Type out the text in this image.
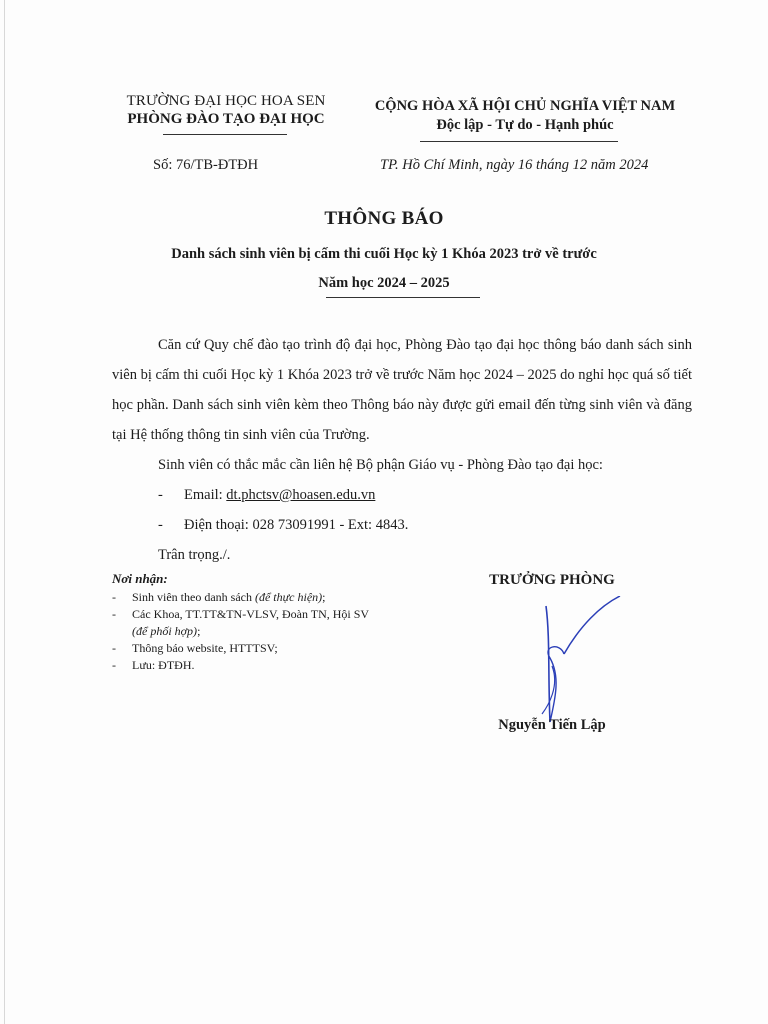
TRƯỜNG ĐẠI HỌC HOA SEN
PHÒNG ĐÀO TẠO ĐẠI HỌC
CỘNG HÒA XÃ HỘI CHỦ NGHĨA VIỆT NAM
Độc lập - Tự do - Hạnh phúc
Số: 76/TB-ĐTĐH	TP. Hồ Chí Minh, ngày 16 tháng 12 năm 2024
THÔNG BÁO
Danh sách sinh viên bị cấm thi cuối Học kỳ 1 Khóa 2023 trở về trước
Năm học 2024 – 2025

Căn cứ Quy chế đào tạo trình độ đại học, Phòng Đào tạo đại học thông báo danh sách sinh viên bị cấm thi cuối Học kỳ 1 Khóa 2023 trở về trước Năm học 2024 – 2025 do nghỉ học quá số tiết học phần. Danh sách sinh viên kèm theo Thông báo này được gửi email đến từng sinh viên và đăng tại Hệ thống thông tin sinh viên của Trường.

Sinh viên có thắc mắc cần liên hệ Bộ phận Giáo vụ - Phòng Đào tạo đại học:

-	Email:
dt.phctsv@hoasen.edu.vn
-	Điện thoại: 028 73091991 - Ext: 4843.

Trân trọng./.

Nơi nhận:
-	Sinh viên theo danh sách (để thực hiện);
-	Các Khoa, TT.TT&TN-VLSV, Đoàn TN, Hội SV (để phối hợp);
-	Thông báo website, HTTTSV;
-	Lưu: ĐTĐH.
TRƯỞNG PHÒNG
Nguyễn Tiến Lập
